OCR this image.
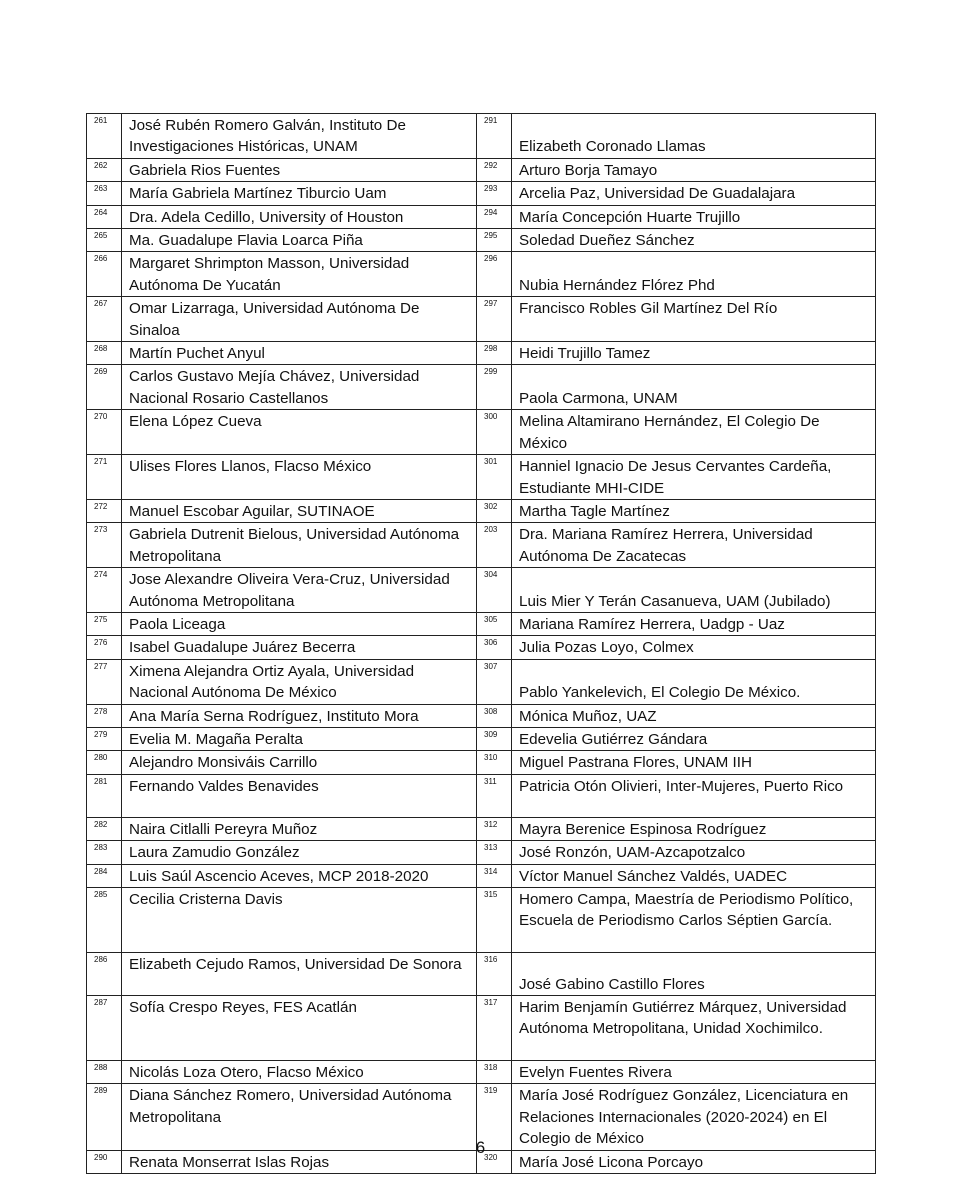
261	José Rubén Romero Galván, Instituto De Investigaciones Históricas, UNAM	291	Elizabeth Coronado Llamas

262	Gabriela Rios Fuentes	292	Arturo Borja Tamayo

263	María Gabriela Martínez Tiburcio Uam	293	Arcelia Paz, Universidad De Guadalajara

264	Dra. Adela Cedillo, University of Houston	294	María Concepción Huarte Trujillo

265	Ma. Guadalupe Flavia Loarca Piña	295	Soledad Dueñez Sánchez

266	Margaret Shrimpton Masson, Universidad Autónoma De Yucatán	296	Nubia Hernández Flórez Phd

267	Omar Lizarraga, Universidad Autónoma De Sinaloa	297	Francisco Robles Gil Martínez Del Río

268	Martín Puchet Anyul	298	Heidi Trujillo Tamez

269	Carlos Gustavo Mejía Chávez, Universidad Nacional Rosario Castellanos	299	Paola Carmona, UNAM

270	Elena López Cueva	300	Melina Altamirano Hernández, El Colegio De México

271	Ulises Flores Llanos, Flacso México	301	Hanniel Ignacio De Jesus Cervantes Cardeña, Estudiante MHI-CIDE

272	Manuel Escobar Aguilar, SUTINAOE	302	Martha Tagle Martínez

273	Gabriela Dutrenit Bielous, Universidad Autónoma Metropolitana	203	Dra. Mariana Ramírez Herrera, Universidad Autónoma De Zacatecas

274	Jose Alexandre Oliveira Vera-Cruz, Universidad Autónoma Metropolitana	304	Luis Mier Y Terán Casanueva, UAM (Jubilado)

275	Paola Liceaga	305	Mariana Ramírez Herrera, Uadgp - Uaz

276	Isabel Guadalupe Juárez Becerra	306	Julia Pozas Loyo, Colmex

277	Ximena Alejandra Ortiz Ayala, Universidad Nacional Autónoma De México	307	Pablo Yankelevich, El Colegio De México.

278	Ana María Serna Rodríguez, Instituto Mora	308	Mónica Muñoz, UAZ

279	Evelia M. Magaña Peralta	309	Edevelia Gutiérrez Gándara

280	Alejandro Monsiváis Carrillo	310	Miguel Pastrana Flores, UNAM IIH

281	Fernando Valdes Benavides	311	Patricia Otón Olivieri, Inter-Mujeres, Puerto Rico

282	Naira Citlalli Pereyra Muñoz	312	Mayra Berenice Espinosa Rodríguez

283	Laura Zamudio González	313	José Ronzón, UAM-Azcapotzalco

284	Luis Saúl Ascencio Aceves, MCP 2018-2020	314	Víctor Manuel Sánchez Valdés, UADEC

285	Cecilia Cristerna Davis	315	Homero Campa, Maestría de Periodismo Político, Escuela de Periodismo Carlos Séptien García.

286	Elizabeth Cejudo Ramos, Universidad De Sonora	316	José Gabino Castillo Flores

287	Sofía Crespo Reyes, FES Acatlán	317	Harim Benjamín Gutiérrez Márquez, Universidad Autónoma Metropolitana, Unidad Xochimilco.

288	Nicolás Loza Otero, Flacso México	318	Evelyn Fuentes Rivera

289	Diana Sánchez Romero, Universidad Autónoma Metropolitana	319	María José Rodríguez González, Licenciatura en Relaciones Internacionales (2020-2024) en El Colegio de México

290	Renata Monserrat Islas Rojas	320	María José Licona Porcayo
6
